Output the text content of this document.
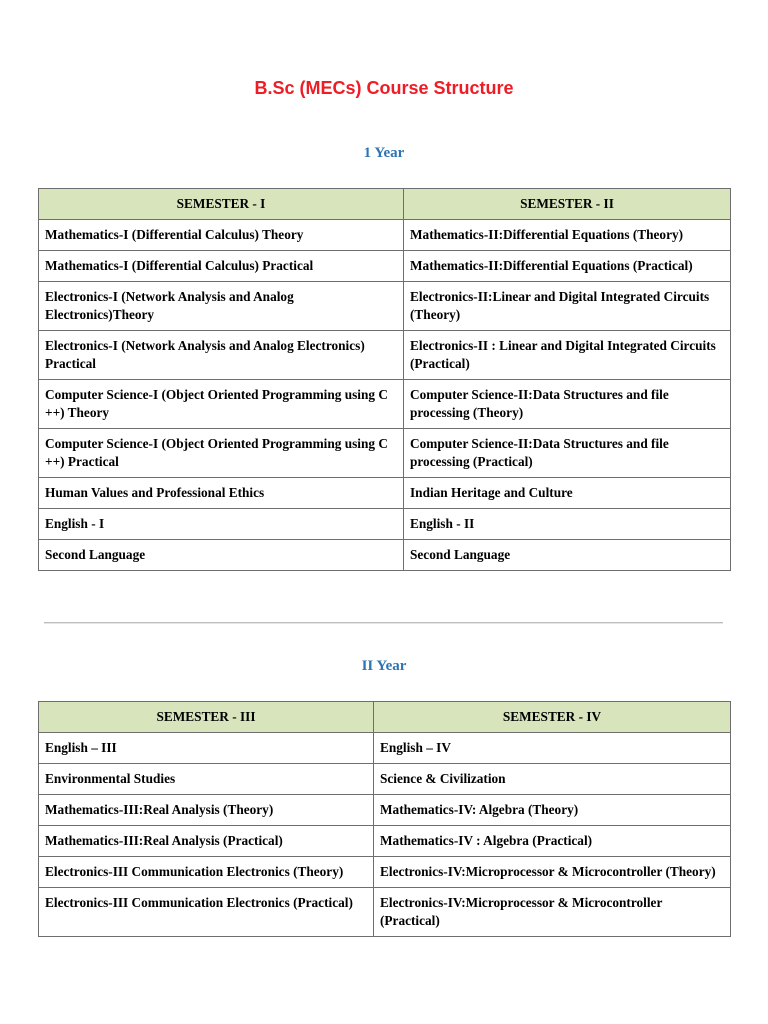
B.Sc (MECs) Course Structure
1 Year
SEMESTER - I	SEMESTER - II
Mathematics-I (Differential Calculus) Theory	Mathematics-II:Differential Equations (Theory)
Mathematics-I (Differential Calculus) Practical	Mathematics-II:Differential Equations (Practical)
Electronics-I (Network Analysis and Analog Electronics)Theory	Electronics-II:Linear and Digital Integrated Circuits (Theory)
Electronics-I (Network Analysis and Analog Electronics) Practical	Electronics-II : Linear and Digital Integrated Circuits (Practical)
Computer Science-I (Object Oriented Programming using C ++) Theory	Computer Science-II:Data Structures and file processing (Theory)
Computer Science-I (Object Oriented Programming using C ++) Practical	Computer Science-II:Data Structures and file processing (Practical)
Human Values and Professional Ethics	Indian Heritage and Culture
English - I	English - II
Second Language	Second Language
II Year
SEMESTER - III	SEMESTER - IV
English – III	English – IV
Environmental Studies	Science & Civilization
Mathematics-III:Real Analysis (Theory)	Mathematics-IV: Algebra (Theory)
Mathematics-III:Real Analysis (Practical)	Mathematics-IV : Algebra (Practical)
Electronics-III Communication Electronics (Theory)	Electronics-IV:Microprocessor & Microcontroller (Theory)
Electronics-III Communication Electronics (Practical)	Electronics-IV:Microprocessor & Microcontroller (Practical)
